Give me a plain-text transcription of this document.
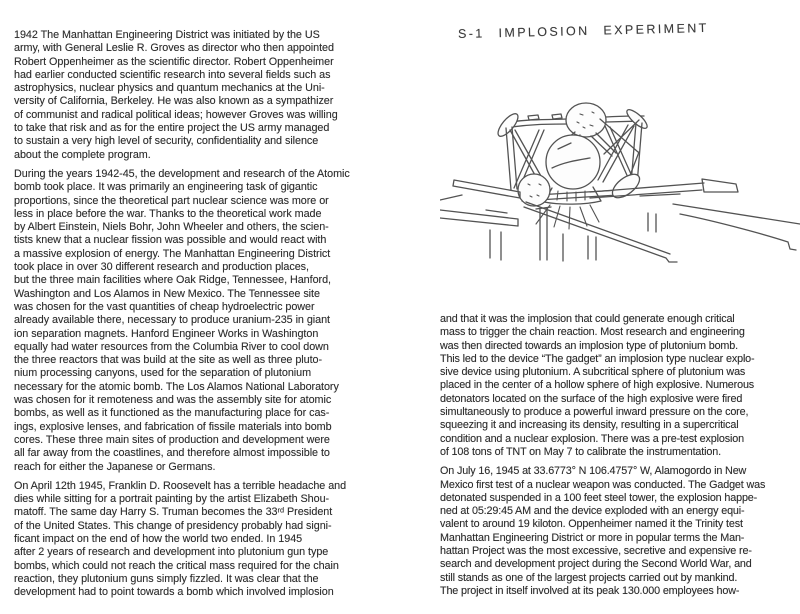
1942 The Manhattan Engineering District was initiated by the US
army, with General Leslie R. Groves as director who then appointed
Robert Oppenheimer as the scientific director. Robert Oppenheimer
had earlier conducted scientific research into several fields such as
astrophysics, nuclear physics and quantum mechanics at the Uni-
versity of California, Berkeley. He was also known as a sympathizer
of communist and radical political ideas; however Groves was willing
to take that risk and as for the entire project the US army managed
to sustain a very high level of security, confidentiality and silence
about the complete program.
During the years 1942-45, the development and research of the Atomic
bomb took place. It was primarily an engineering task of gigantic
proportions, since the theoretical part nuclear science was more or
less in place before the war. Thanks to the theoretical work made
by Albert Einstein, Niels Bohr, John Wheeler and others, the scien-
tists knew that a nuclear fission was possible and would react with
a massive explosion of energy. The Manhattan Engineering District
took place in over 30 different research and production places,
but the three main facilities where Oak Ridge, Tennessee, Hanford,
Washington and Los Alamos in New Mexico. The Tennessee site
was chosen for the vast quantities of cheap hydroelectric power
already available there, necessary to produce uranium-235 in giant
ion separation magnets. Hanford Engineer Works in Washington
equally had water resources from the Columbia River to cool down
the three reactors that was build at the site as well as three pluto-
nium processing canyons, used for the separation of plutonium
necessary for the atomic bomb. The Los Alamos National Laboratory
was chosen for it remoteness and was the assembly site for atomic
bombs, as well as it functioned as the manufacturing place for cas-
ings, explosive lenses, and fabrication of fissile materials into bomb
cores. These three main sites of production and development were
all far away from the coastlines, and therefore almost impossible to
reach for either the Japanese or Germans.
On April 12th 1945, Franklin D. Roosevelt has a terrible headache and
dies while sitting for a portrait painting by the artist Elizabeth Shou-
matoff. The same day Harry S. Truman becomes the 33ʳᵈ President
of the United States. This change of presidency probably had signi-
ficant impact on the end of how the world two ended. In 1945
after 2 years of research and development into plutonium gun type
bombs, which could not reach the critical mass required for the chain
reaction, they plutonium guns simply fizzled. It was clear that the
development had to point towards a bomb which involved implosion
S-1 IMPLOSION EXPERIMENT
and that it was the implosion that could generate enough critical
mass to trigger the chain reaction. Most research and engineering
was then directed towards an implosion type of plutonium bomb.
This led to the device “The gadget” an implosion type nuclear explo-
sive device using plutonium. A subcritical sphere of plutonium was
placed in the center of a hollow sphere of high explosive. Numerous
detonators located on the surface of the high explosive were fired
simultaneously to produce a powerful inward pressure on the core,
squeezing it and increasing its density, resulting in a supercritical
condition and a nuclear explosion. There was a pre-test explosion
of 108 tons of TNT on May 7 to calibrate the instrumentation.
On July 16, 1945 at 33.6773° N 106.4757° W, Alamogordo in New
Mexico first test of a nuclear weapon was conducted. The Gadget was
detonated suspended in a 100 feet steel tower, the explosion happe-
ned at 05:29:45 AM and the device exploded with an energy equi-
valent to around 19 kiloton. Oppenheimer named it the Trinity test
Manhattan Engineering District or more in popular terms the Man-
hattan Project was the most excessive, secretive and expensive re-
search and development project during the Second World War, and
still stands as one of the largest projects carried out by mankind.
The project in itself involved at its peak 130.000 employees how-
